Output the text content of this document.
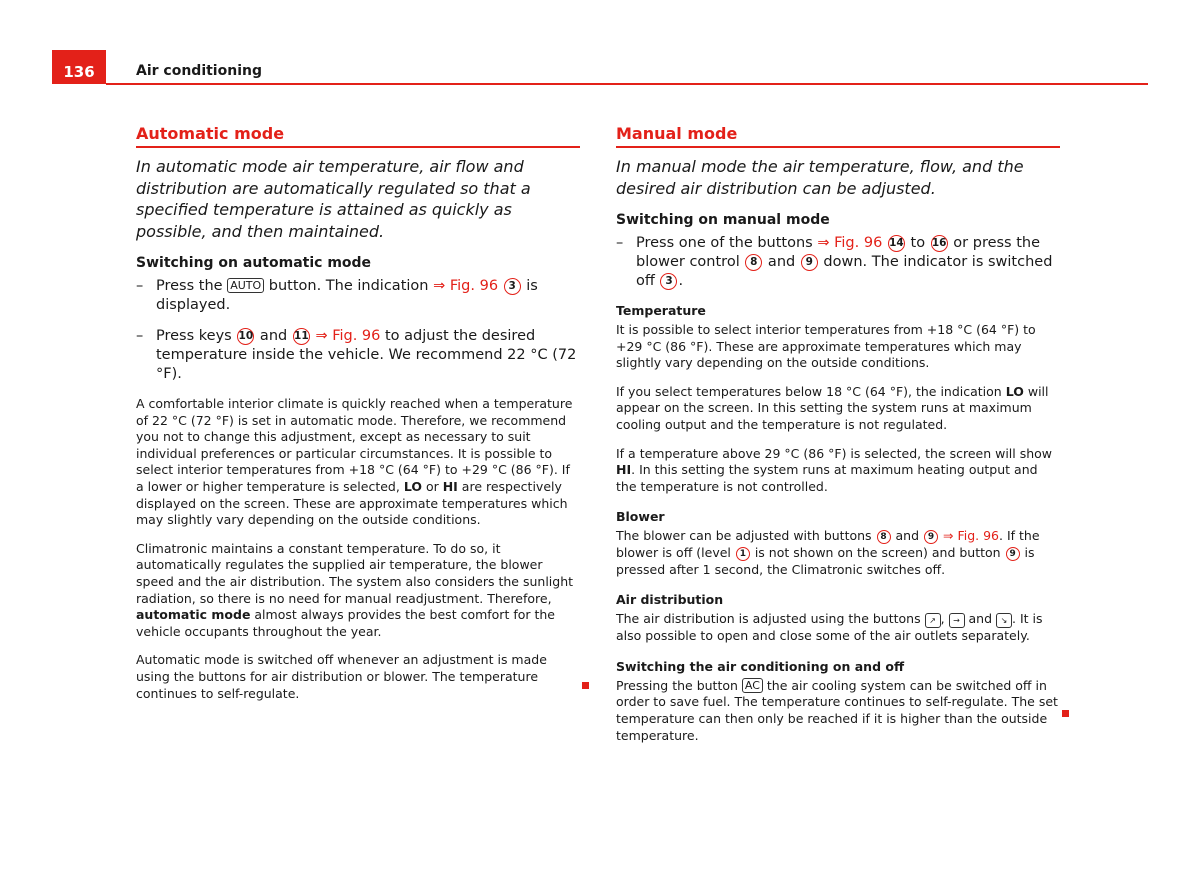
136	Air conditioning
Automatic mode

In automatic mode air temperature, air flow and distribution are automatically regulated so that a specified temperature is attained as quickly as possible, and then maintained.

Switching on automatic mode
– Press the AUTO button. The indication ⇒ Fig. 96 3 is displayed.
– Press keys 10 and 11 ⇒ Fig. 96 to adjust the desired temperature inside the vehicle. We recommend 22 °C (72 °F).

A comfortable interior climate is quickly reached when a temperature of 22 °C (72 °F) is set in automatic mode. Therefore, we recommend you not to change this adjustment, except as necessary to suit individual preferences or particular circumstances. It is possible to select interior temperatures from +18 °C (64 °F) to +29 °C (86 °F). If a lower or higher temperature is selected, LO or HI are respectively displayed on the screen. These are approximate temperatures which may slightly vary depending on the outside conditions.

Climatronic maintains a constant temperature. To do so, it automatically regulates the supplied air temperature, the blower speed and the air distribution. The system also considers the sunlight radiation, so there is no need for manual readjustment. Therefore, automatic mode almost always provides the best comfort for the vehicle occupants throughout the year.

Automatic mode is switched off whenever an adjustment is made using the buttons for air distribution or blower. The temperature continues to self-regulate.

Manual mode

In manual mode the air temperature, flow, and the desired air distribution can be adjusted.

Switching on manual mode
– Press one of the buttons ⇒ Fig. 96 14 to 16 or press the blower control 8 and 9 down. The indicator is switched off 3 .
Temperature

It is possible to select interior temperatures from +18 °C (64 °F) to +29 °C (86 °F). These are approximate temperatures which may slightly vary depending on the outside conditions.

If you select temperatures below 18 °C (64 °F), the indication LO will appear on the screen. In this setting the system runs at maximum cooling output and the temperature is not regulated.

If a temperature above 29 °C (86 °F) is selected, the screen will show HI. In this setting the system runs at maximum heating output and the temperature is not controlled.

Blower

The blower can be adjusted with buttons 8 and 9 ⇒ Fig. 96. If the blower is off (level 1 is not shown on the screen) and button 9 is pressed after 1 second, the Climatronic switches off.

Air distribution

The air distribution is adjusted using the buttons ↗ , → and ↘ . It is also possible to open and close some of the air outlets separately.

Switching the air conditioning on and off

Pressing the button AC the air cooling system can be switched off in order to save fuel. The temperature continues to self-regulate. The set temperature can then only be reached if it is higher than the outside temperature.
